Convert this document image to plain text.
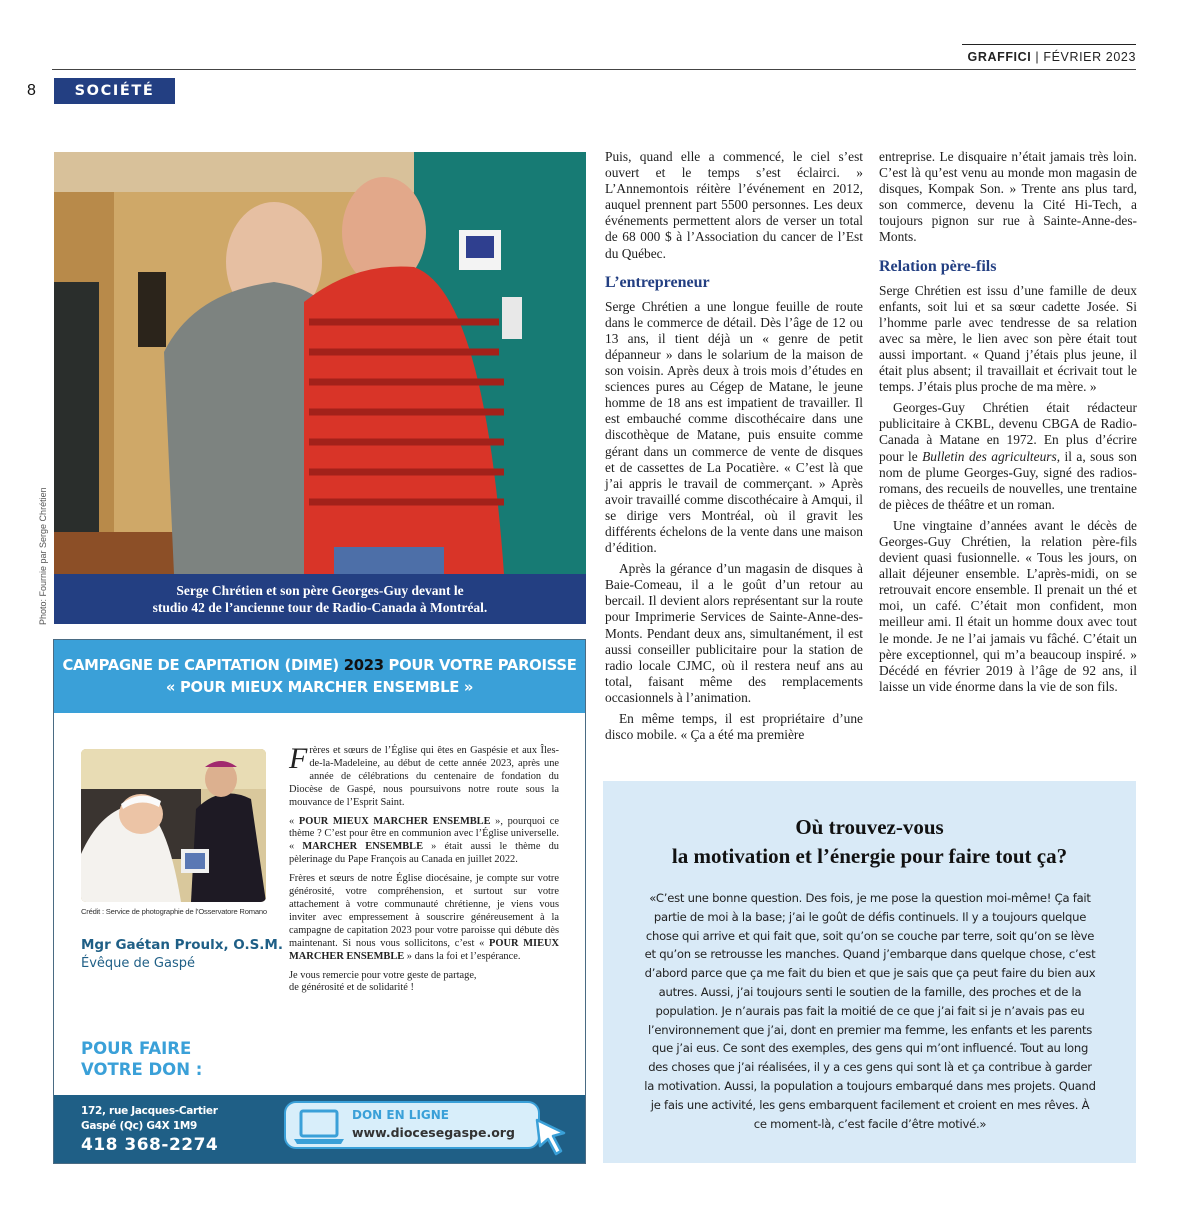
GRAFFICI | FÉVRIER 2023
8	SOCIÉTÉ
Photo: Fournie par Serge Chrétien	Serge Chrétien et son père Georges-Guy devant le
studio 42 de l’ancienne tour de Radio-Canada à Montréal.

Puis, quand elle a commencé, le ciel s’est ouvert et le temps s’est éclairci. » L’Annemontois réitère l’événement en 2012, auquel prennent part 5500 personnes. Les deux événements permettent alors de verser un total de 68 000 $ à l’Association du cancer de l’Est du Québec.

L’entrepreneur

Serge Chrétien a une longue feuille de route dans le commerce de détail. Dès l’âge de 12 ou 13 ans, il tient déjà un « genre de petit dépanneur » dans le solarium de la maison de son voisin. Après deux à trois mois d’études en sciences pures au Cégep de Matane, le jeune homme de 18 ans est impatient de travailler. Il est embauché comme discothécaire dans une discothèque de Matane, puis ensuite comme gérant dans un commerce de vente de disques et de cassettes de La Pocatière. « C’est là que j’ai appris le travail de commerçant. » Après avoir travaillé comme discothécaire à Amqui, il se dirige vers Montréal, où il gravit les différents échelons de la vente dans une maison d’édition.

Après la gérance d’un magasin de disques à Baie-Comeau, il a le goût d’un retour au bercail. Il devient alors représentant sur la route pour Imprimerie Services de Sainte-Anne-des-Monts. Pendant deux ans, simultanément, il est aussi conseiller publicitaire pour la station de radio locale CJMC, où il restera neuf ans au total, faisant même des remplacements occasionnels à l’animation.

En même temps, il est propriétaire d’une disco mobile. « Ça a été ma première

entreprise. Le disquaire n’était jamais très loin. C’est là qu’est venu au monde mon magasin de disques, Kompak Son. » Trente ans plus tard, son commerce, devenu la Cité Hi-Tech, a toujours pignon sur rue à Sainte-Anne-des-Monts.

Relation père-fils

Serge Chrétien est issu d’une famille de deux enfants, soit lui et sa sœur cadette Josée. Si l’homme parle avec tendresse de sa relation avec sa mère, le lien avec son père était tout aussi important. « Quand j’étais plus jeune, il était plus absent; il travaillait et écrivait tout le temps. J’étais plus proche de ma mère. »

Georges-Guy Chrétien était rédacteur publicitaire à CKBL, devenu CBGA de Radio-Canada à Matane en 1972. En plus d’écrire pour le Bulletin des agriculteurs, il a, sous son nom de plume Georges-Guy, signé des radios-romans, des recueils de nouvelles, une trentaine de pièces de théâtre et un roman.

Une vingtaine d’années avant le décès de Georges-Guy Chrétien, la relation père-fils devient quasi fusionnelle. « Tous les jours, on allait déjeuner ensemble. L’après-midi, on se retrouvait encore ensemble. Il prenait un thé et moi, un café. C’était mon confident, mon meilleur ami. Il était un homme doux avec tout le monde. Je ne l’ai jamais vu fâché. C’était un père exceptionnel, qui m’a beaucoup inspiré. » Décédé en février 2019 à l’âge de 92 ans, il laisse un vide énorme dans la vie de son fils.

CAMPAGNE DE CAPITATION (DIME) 2023 POUR VOTRE PAROISSE
« POUR MIEUX MARCHER ENSEMBLE »
Crédit : Service de photographie de l’Osservatore Romano
Mgr Gaétan Proulx, O.S.M.
Évêque de Gaspé

Frères et sœurs de l’Église qui êtes en Gaspésie et aux Îles-de-la-Madeleine, au début de cette année 2023, après une année de célébrations du centenaire de fondation du Diocèse de Gaspé, nous poursuivons notre route sous la mouvance de l’Esprit Saint.

« POUR MIEUX MARCHER ENSEMBLE », pourquoi ce thème ? C’est pour être en communion avec l’Église universelle. « MARCHER ENSEMBLE » était aussi le thème du pèlerinage du Pape François au Canada en juillet 2022.

Frères et sœurs de notre Église diocésaine, je compte sur votre générosité, votre compréhension, et surtout sur votre attachement à votre communauté chrétienne, je viens vous inviter avec empressement à souscrire généreusement à la campagne de capitation 2023 pour votre paroisse qui débute dès maintenant. Si nous vous sollicitons, c’est « POUR MIEUX MARCHER ENSEMBLE » dans la foi et l’espérance.

Je vous remercie pour votre geste de partage,
de générosité et de solidarité !

POUR FAIRE
VOTRE DON :
172, rue Jacques-Cartier
Gaspé (Qc) G4X 1M9
418 368-2274
DON EN LIGNE
www.diocesegaspe.org
Où trouvez-vous
la motivation et l’énergie pour faire tout ça?
«C’est une bonne question. Des fois, je me pose la question moi-même! Ça fait partie de moi à la base; j’ai le goût de défis continuels. Il y a toujours quelque chose qui arrive et qui fait que, soit qu’on se couche par terre, soit qu’on se lève et qu’on se retrousse les manches. Quand j’embarque dans quelque chose, c’est d’abord parce que ça me fait du bien et que je sais que ça peut faire du bien aux autres. Aussi, j’ai toujours senti le soutien de la famille, des proches et de la population. Je n’aurais pas fait la moitié de ce que j’ai fait si je n’avais pas eu l’environnement que j’ai, dont en premier ma femme, les enfants et les parents que j’ai eus. Ce sont des exemples, des gens qui m’ont influencé. Tout au long des choses que j’ai réalisées, il y a ces gens qui sont là et ça contribue à garder la motivation. Aussi, la population a toujours embarqué dans mes projets. Quand je fais une activité, les gens embarquent facilement et croient en mes rêves. À ce moment-là, c’est facile d’être motivé.»
